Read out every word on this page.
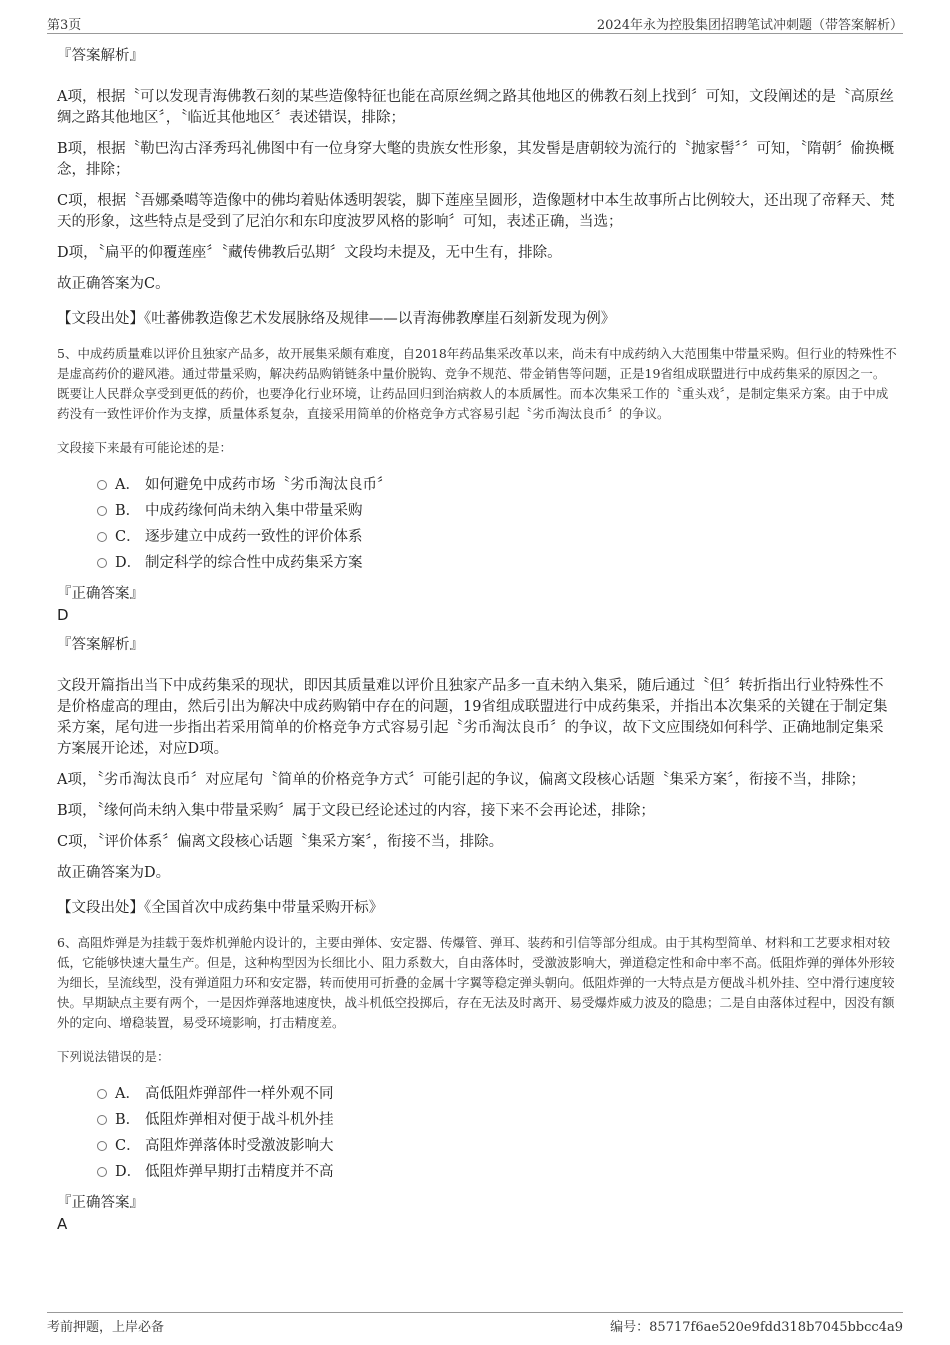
第3页	2024年永为控股集团招聘笔试冲刺题（带答案解析）
『答案解析』
A项，根据〝可以发现青海佛教石刻的某些造像特征也能在高原丝绸之路其他地区的佛教石刻上找到〞可知，文段阐述的是〝高原丝绸之路其他地区〞，〝临近其他地区〞表述错误，排除；
B项，根据〝勒巴沟古泽秀玛礼佛图中有一位身穿大氅的贵族女性形象，其发髻是唐朝较为流行的〝抛家髻〞〞可知，〝隋朝〞偷换概念，排除；
C项，根据〝吾娜桑噶等造像中的佛均着贴体透明袈裟，脚下莲座呈圆形，造像题材中本生故事所占比例较大，还出现了帝释天、梵天的形象，这些特点是受到了尼泊尔和东印度波罗风格的影响〞可知，表述正确，当选；
D项，〝扁平的仰覆莲座〞〝藏传佛教后弘期〞文段均未提及，无中生有，排除。
故正确答案为C。
【文段出处】《吐蕃佛教造像艺术发展脉络及规律——以青海佛教摩崖石刻新发现为例》
5、中成药质量难以评价且独家产品多，故开展集采颇有难度，自2018年药品集采改革以来，尚未有中成药纳入大范围集中带量采购。但行业的特殊性不是虚高药价的避风港。通过带量采购，解决药品购销链条中量价脱钩、竞争不规范、带金销售等问题，正是19省组成联盟进行中成药集采的原因之一。既要让人民群众享受到更低的药价，也要净化行业环境，让药品回归到治病救人的本质属性。而本次集采工作的〝重头戏〞，是制定集采方案。由于中成药没有一致性评价作为支撑，质量体系复杂，直接采用简单的价格竞争方式容易引起〝劣币淘汰良币〞的争议。
文段接下来最有可能论述的是：
A． 如何避免中成药市场〝劣币淘汰良币〞
B． 中成药缘何尚未纳入集中带量采购
C． 逐步建立中成药一致性的评价体系
D． 制定科学的综合性中成药集采方案
『正确答案』
D
『答案解析』
文段开篇指出当下中成药集采的现状，即因其质量难以评价且独家产品多一直未纳入集采，随后通过〝但〞转折指出行业特殊性不是价格虚高的理由，然后引出为解决中成药购销中存在的问题，19省组成联盟进行中成药集采，并指出本次集采的关键在于制定集采方案，尾句进一步指出若采用简单的价格竞争方式容易引起〝劣币淘汰良币〞的争议，故下文应围绕如何科学、正确地制定集采方案展开论述，对应D项。
A项，〝劣币淘汰良币〞对应尾句〝简单的价格竞争方式〞可能引起的争议，偏离文段核心话题〝集采方案〞，衔接不当，排除；
B项，〝缘何尚未纳入集中带量采购〞属于文段已经论述过的内容，接下来不会再论述，排除；
C项，〝评价体系〞偏离文段核心话题〝集采方案〞，衔接不当，排除。
故正确答案为D。
【文段出处】《全国首次中成药集中带量采购开标》
6、高阻炸弹是为挂载于轰炸机弹舱内设计的，主要由弹体、安定器、传爆管、弹耳、装药和引信等部分组成。由于其构型简单、材料和工艺要求相对较低，它能够快速大量生产。但是，这种构型因为长细比小、阻力系数大，自由落体时，受激波影响大，弹道稳定性和命中率不高。低阻炸弹的弹体外形较为细长，呈流线型，没有弹道阻力环和安定器，转而使用可折叠的金属十字翼等稳定弹头朝向。低阻炸弹的一大特点是方便战斗机外挂、空中滑行速度较快。早期缺点主要有两个，一是因炸弹落地速度快，战斗机低空投掷后，存在无法及时离开、易受爆炸威力波及的隐患；二是自由落体过程中，因没有额外的定向、增稳装置，易受环境影响，打击精度差。
下列说法错误的是：
A． 高低阻炸弹部件一样外观不同
B． 低阻炸弹相对便于战斗机外挂
C． 高阻炸弹落体时受激波影响大
D． 低阻炸弹早期打击精度并不高
『正确答案』
A
考前押题，上岸必备	编号：85717f6ae520e9fdd318b7045bbcc4a9
